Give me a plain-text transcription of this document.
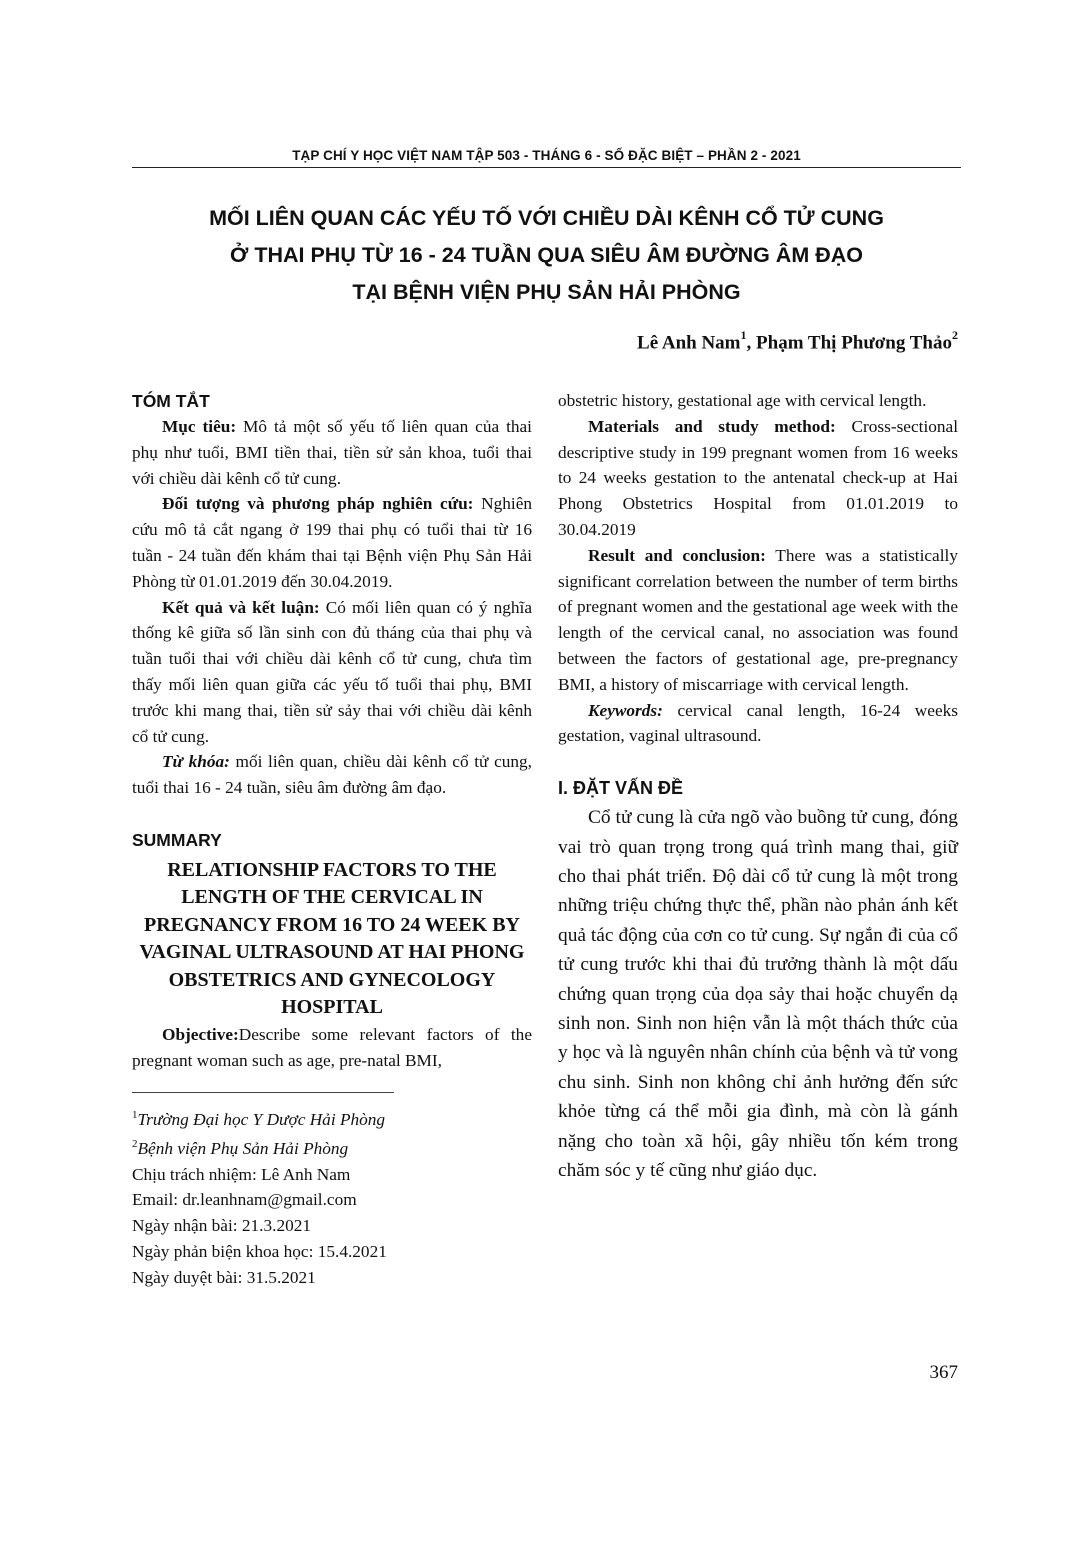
TẠP CHÍ Y HỌC VIỆT NAM TẬP 503 - THÁNG 6 - SỐ ĐẶC BIỆT – PHẦN 2 - 2021
MỐI LIÊN QUAN CÁC YẾU TỐ VỚI CHIỀU DÀI KÊNH CỔ TỬ CUNG
Ở THAI PHỤ TỪ 16 - 24 TUẦN QUA SIÊU ÂM ĐƯỜNG ÂM ĐẠO
TẠI BỆNH VIỆN PHỤ SẢN HẢI PHÒNG
Lê Anh Nam$^1$, Phạm Thị Phương Thảo$^2$
TÓM TẮT

Mục tiêu: Mô tả một số yếu tố liên quan của thai phụ như tuổi, BMI tiền thai, tiền sử sản khoa, tuổi thai với chiều dài kênh cổ tử cung.

Đối tượng và phương pháp nghiên cứu: Nghiên cứu mô tả cắt ngang ở 199 thai phụ có tuổi thai từ 16 tuần - 24 tuần đến khám thai tại Bệnh viện Phụ Sản Hải Phòng từ 01.01.2019 đến 30.04.2019.

Kết quả và kết luận: Có mối liên quan có ý nghĩa thống kê giữa số lần sinh con đủ tháng của thai phụ và tuần tuổi thai với chiều dài kênh cổ tử cung, chưa tìm thấy mối liên quan giữa các yếu tố tuổi thai phụ, BMI trước khi mang thai, tiền sử sảy thai với chiều dài kênh cổ tử cung.

Từ khóa: mối liên quan, chiều dài kênh cổ tử cung, tuổi thai 16 - 24 tuần, siêu âm đường âm đạo.

SUMMARY
RELATIONSHIP FACTORS TO THE LENGTH OF THE CERVICAL IN PREGNANCY FROM 16 TO 24 WEEK BY VAGINAL ULTRASOUND AT HAI PHONG OBSTETRICS AND GYNECOLOGY HOSPITAL

Objective:Describe some relevant factors of the pregnant woman such as age, pre-natal BMI,

$^1$Trường Đại học Y Dược Hải Phòng
$^2$Bệnh viện Phụ Sản Hải Phòng
Chịu trách nhiệm: Lê Anh Nam
Email: dr.leanhnam@gmail.com
Ngày nhận bài: 21.3.2021
Ngày phản biện khoa học: 15.4.2021
Ngày duyệt bài: 31.5.2021

obstetric history, gestational age with cervical length.

Materials and study method: Cross-sectional descriptive study in 199 pregnant women from 16 weeks to 24 weeks gestation to the antenatal check-up at Hai Phong Obstetrics Hospital from 01.01.2019 to 30.04.2019

Result and conclusion: There was a statistically significant correlation between the number of term births of pregnant women and the gestational age week with the length of the cervical canal, no association was found between the factors of gestational age, pre-pregnancy BMI, a history of miscarriage with cervical length.

Keywords: cervical canal length, 16-24 weeks gestation, vaginal ultrasound.

I. ĐẶT VẤN ĐỀ

Cổ tử cung là cửa ngõ vào buồng tử cung, đóng vai trò quan trọng trong quá trình mang thai, giữ cho thai phát triển. Độ dài cổ tử cung là một trong những triệu chứng thực thể, phần nào phản ánh kết quả tác động của cơn co tử cung. Sự ngắn đi của cổ tử cung trước khi thai đủ trưởng thành là một dấu chứng quan trọng của dọa sảy thai hoặc chuyển dạ sinh non. Sinh non hiện vẫn là một thách thức của y học và là nguyên nhân chính của bệnh và tử vong chu sinh. Sinh non không chỉ ảnh hưởng đến sức khỏe từng cá thể mỗi gia đình, mà còn là gánh nặng cho toàn xã hội, gây nhiều tốn kém trong chăm sóc y tế cũng như giáo dục.

367
